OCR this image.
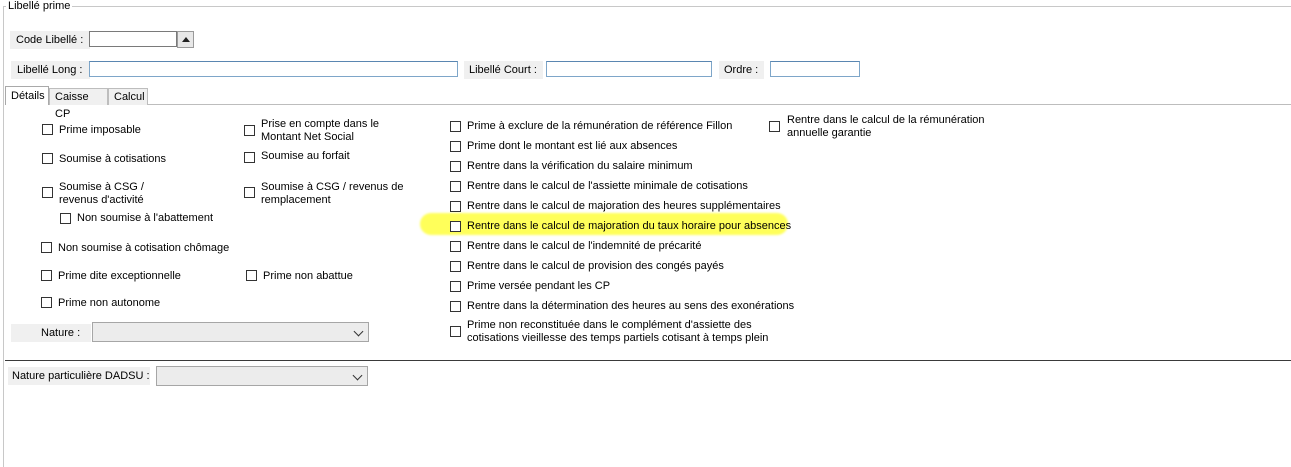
Libellé prime
Code Libellé :
Libellé Long :	Libellé Court :	Ordre :
Détails Caisse CP
Calcul
Prime imposable
Soumise à cotisations
Soumise à CSG /
revenus d'activité
Non soumise à l'abattement
Non soumise à cotisation chômage
Prime dite exceptionnelle
Prime non autonome
Prise en compte dans le
Montant Net Social
Soumise au forfait
Soumise à CSG / revenus de
remplacement
Prime non abattue
Prime à exclure de la rémunération de référence Fillon
Prime dont le montant est lié aux absences
Rentre dans la vérification du salaire minimum
Rentre dans le calcul de l'assiette minimale de cotisations
Rentre dans le calcul de majoration des heures supplémentaires
Rentre dans le calcul de majoration du taux horaire pour absences
Rentre dans le calcul de l'indemnité de précarité
Rentre dans le calcul de provision des congés payés
Prime versée pendant les CP
Rentre dans la détermination des heures au sens des exonérations
Prime non reconstituée dans le complément d'assiette des
cotisations vieillesse des temps partiels cotisant à temps plein
Rentre dans le calcul de la rémunération
annuelle garantie
Nature :
Nature particulière DADSU :
